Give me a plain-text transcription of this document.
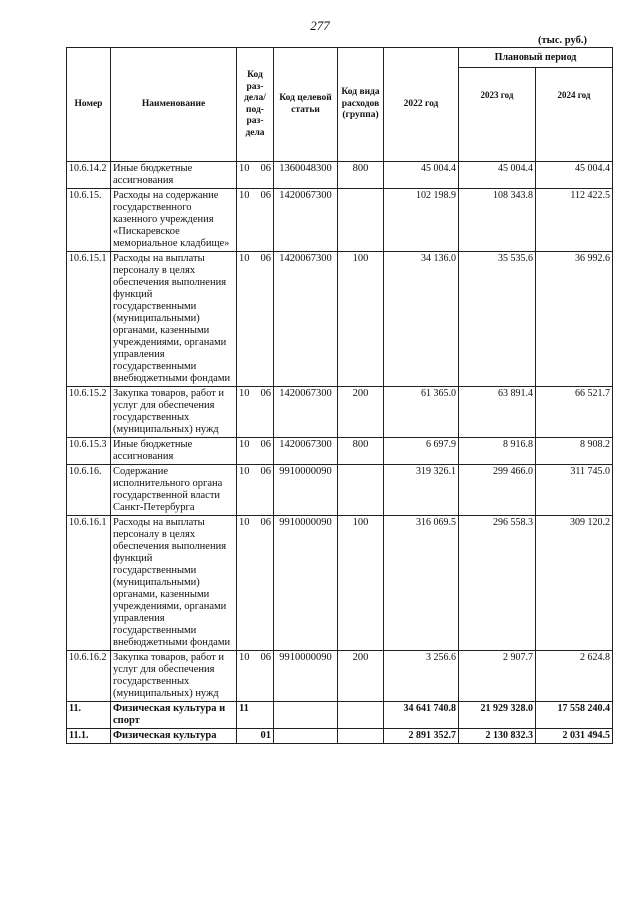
277
(тыс. руб.)
Номер	Наименование	Код раз-дела/ под-раз-дела	Код целевой статьи	Код вида расходов (группа)	2022 год	Плановый период	
						2023 год	2024 год
10.6.14.2	Иные бюджетные ассигнования	10 06	1360048300	800	45 004.4	45 004.4	45 004.4
10.6.15.	Расходы на содержание государственного казенного учреждения «Пискаревское мемориальное кладбище»	10 06	1420067300		102 198.9	108 343.8	112 422.5
10.6.15.1	Расходы на выплаты персоналу в целях обеспечения выполнения функций государственными (муниципальными) органами, казенными учреждениями, органами управления государственными внебюджетными фондами	10 06	1420067300	100	34 136.0	35 535.6	36 992.6
10.6.15.2	Закупка товаров, работ и услуг для обеспечения государственных (муниципальных) нужд	10 06	1420067300	200	61 365.0	63 891.4	66 521.7
10.6.15.3	Иные бюджетные ассигнования	10 06	1420067300	800	6 697.9	8 916.8	8 908.2
10.6.16.	Содержание исполнительного органа государственной власти Санкт-Петербурга	10 06	9910000090		319 326.1	299 466.0	311 745.0
10.6.16.1	Расходы на выплаты персоналу в целях обеспечения выполнения функций государственными (муниципальными) органами, казенными учреждениями, органами управления государственными внебюджетными фондами	10 06	9910000090	100	316 069.5	296 558.3	309 120.2
10.6.16.2	Закупка товаров, работ и услуг для обеспечения государственных (муниципальных) нужд	10 06	9910000090	200	3 256.6	2 907.7	2 624.8
11.	Физическая культура и спорт	11			34 641 740.8	21 929 328.0	17 558 240.4
11.1.	Физическая культура	01			2 891 352.7	2 130 832.3	2 031 494.5
